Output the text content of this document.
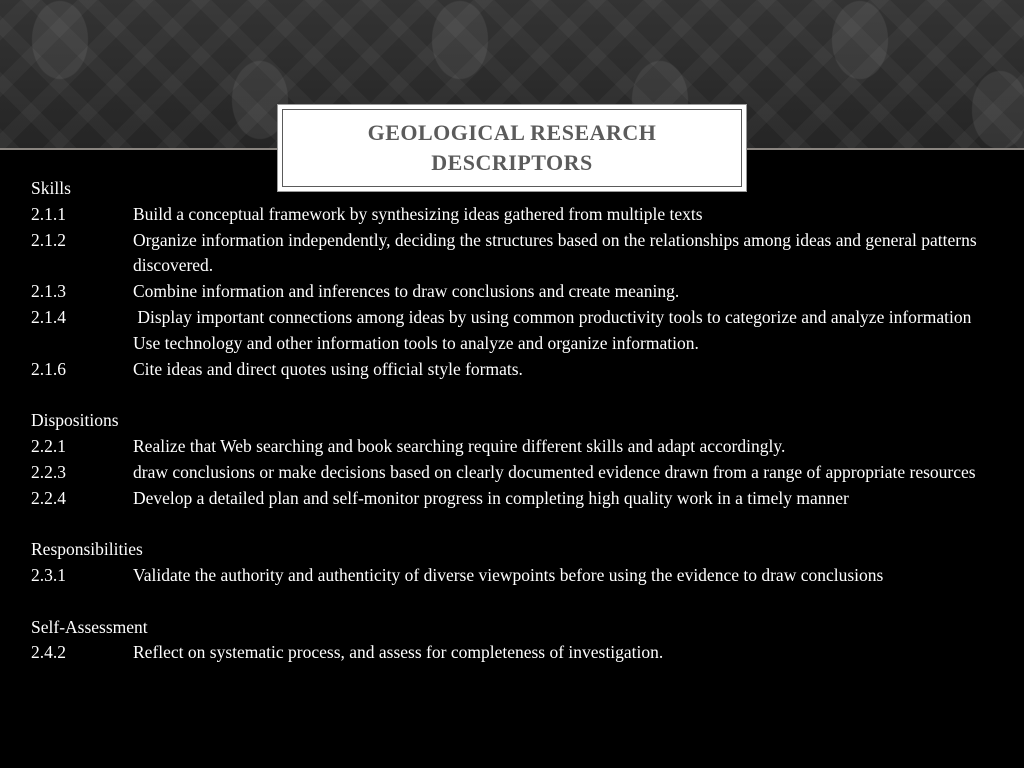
GEOLOGICAL RESEARCH DESCRIPTORS
Skills
2.1.1	Build a conceptual framework by synthesizing ideas gathered from multiple texts
2.1.2	Organize information independently, deciding the structures based on the relationships among ideas and general patterns discovered.
2.1.3	Combine information and inferences to draw conclusions and create meaning.
2.1.4	Display important connections among ideas by using common productivity tools to categorize and analyze information Use technology and other information tools to analyze and organize information.
2.1.6	Cite ideas and direct quotes using official style formats.
Dispositions
2.2.1	Realize that Web searching and book searching require different skills and adapt accordingly.
2.2.3	draw conclusions or make decisions based on clearly documented evidence drawn from a range of appropriate resources
2.2.4	Develop a detailed plan and self-monitor progress in completing high quality work in a timely manner
Responsibilities
2.3.1	Validate the authority and authenticity of diverse viewpoints before using the evidence to draw conclusions
Self-Assessment
2.4.2	Reflect on systematic process, and assess for completeness of investigation.
